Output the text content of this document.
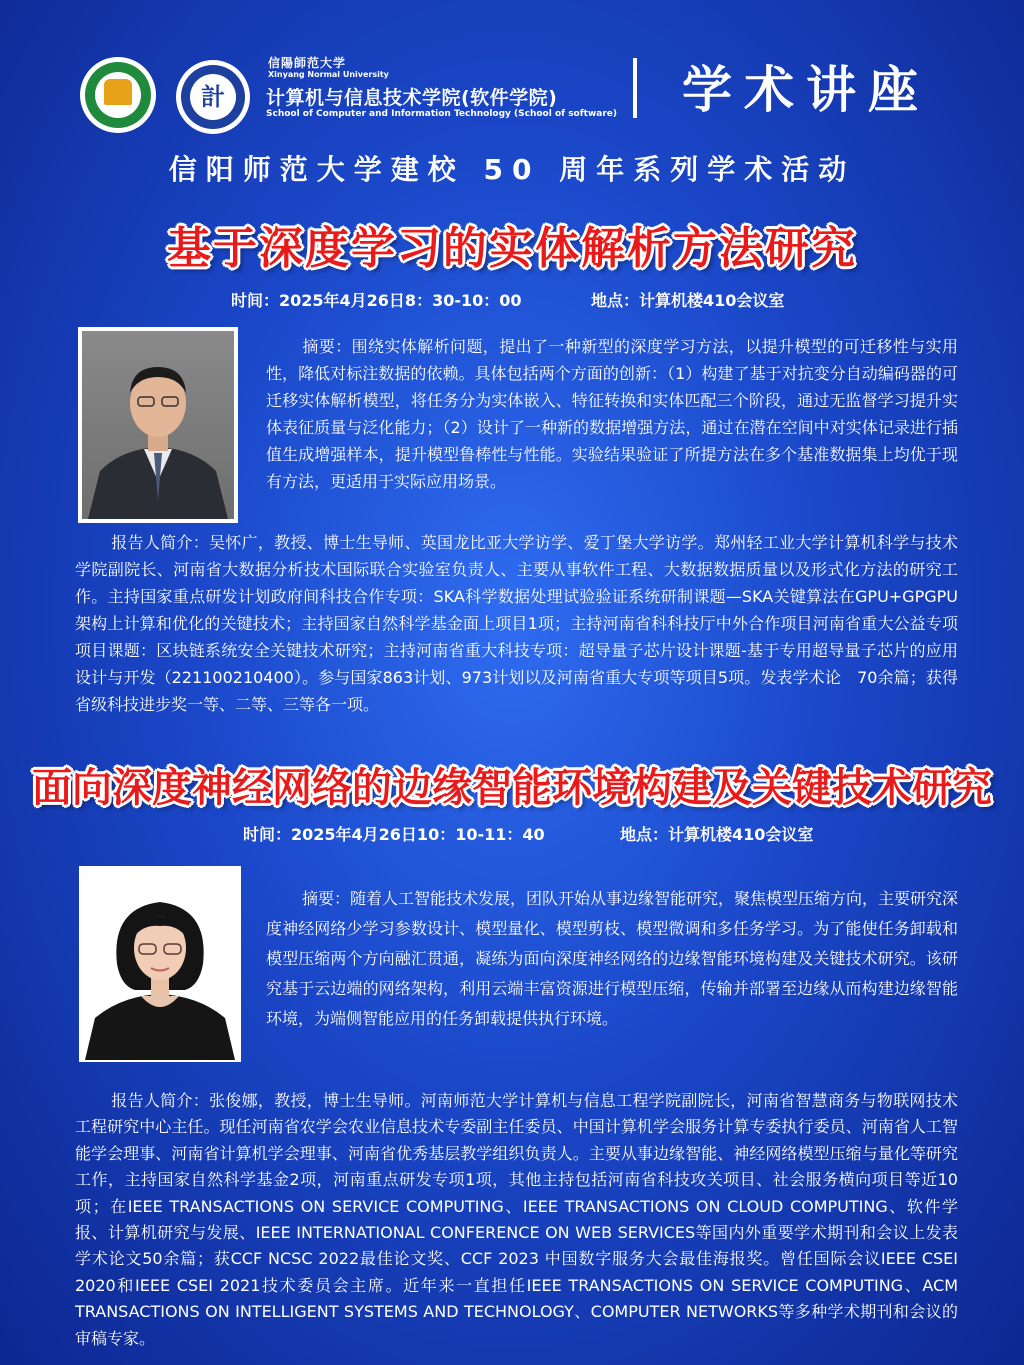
計
信陽師范大学
Xinyang Normal University
计算机与信息技术学院(软件学院)
School of Computer and Information Technology (School of software) 学术讲座
信阳师范大学建校 50 周年系列学术活动
基于深度学习的实体解析方法研究
时间：2025年4月26日8：30-10：00	地点：计算机楼410会议室
摘要：围绕实体解析问题，提出了一种新型的深度学习方法，以提升模型的可迁移性与实用性，降低对标注数据的依赖。具体包括两个方面的创新：（1）构建了基于对抗变分自动编码器的可迁移实体解析模型，将任务分为实体嵌入、特征转换和实体匹配三个阶段，通过无监督学习提升实体表征质量与泛化能力；（2）设计了一种新的数据增强方法，通过在潜在空间中对实体记录进行插值生成增强样本，提升模型鲁棒性与性能。实验结果验证了所提方法在多个基准数据集上均优于现有方法，更适用于实际应用场景。
报告人简介：吴怀广，教授、博士生导师、英国龙比亚大学访学、爱丁堡大学访学。郑州轻工业大学计算机科学与技术学院副院长、河南省大数据分析技术国际联合实验室负责人、主要从事软件工程、大数据数据质量以及形式化方法的研究工作。主持国家重点研发计划政府间科技合作专项：SKA科学数据处理试验验证系统研制课题—SKA关键算法在GPU+GPGPU架构上计算和优化的关键技术；主持国家自然科学基金面上项目1项；主持河南省科科技厅中外合作项目河南省重大公益专项项目课题：区块链系统安全关键技术研究；主持河南省重大科技专项：超导量子芯片设计课题-基于专用超导量子芯片的应用设计与开发（221100210400）。参与国家863计划、973计划以及河南省重大专项等项目5项。发表学术论　70余篇；获得省级科技进步奖一等、二等、三等各一项。
面向深度神经网络的边缘智能环境构建及关键技术研究
时间：2025年4月26日10：10-11：40	地点：计算机楼410会议室
摘要：随着人工智能技术发展，团队开始从事边缘智能研究，聚焦模型压缩方向，主要研究深度神经网络少学习参数设计、模型量化、模型剪枝、模型微调和多任务学习。为了能使任务卸载和模型压缩两个方向融汇贯通，凝练为面向深度神经网络的边缘智能环境构建及关键技术研究。该研究基于云边端的网络架构，利用云端丰富资源进行模型压缩，传输并部署至边缘从而构建边缘智能环境，为端侧智能应用的任务卸载提供执行环境。
报告人简介：张俊娜，教授，博士生导师。河南师范大学计算机与信息工程学院副院长，河南省智慧商务与物联网技术工程研究中心主任。现任河南省农学会农业信息技术专委副主任委员、中国计算机学会服务计算专委执行委员、河南省人工智能学会理事、河南省计算机学会理事、河南省优秀基层教学组织负责人。主要从事边缘智能、神经网络模型压缩与量化等研究工作，主持国家自然科学基金2项，河南重点研发专项1项，其他主持包括河南省科技攻关项目、社会服务横向项目等近10项；在IEEE TRANSACTIONS ON SERVICE COMPUTING、IEEE TRANSACTIONS ON CLOUD COMPUTING、软件学报、计算机研究与发展、IEEE INTERNATIONAL CONFERENCE ON WEB SERVICES等国内外重要学术期刊和会议上发表学术论文50余篇；获CCF NCSC 2022最佳论文奖、CCF 2023 中国数字服务大会最佳海报奖。曾任国际会议IEEE CSEI 2020和IEEE CSEI 2021技术委员会主席。近年来一直担任IEEE TRANSACTIONS ON SERVICE COMPUTING、ACM TRANSACTIONS ON INTELLIGENT SYSTEMS AND TECHNOLOGY、COMPUTER NETWORKS等多种学术期刊和会议的审稿专家。
